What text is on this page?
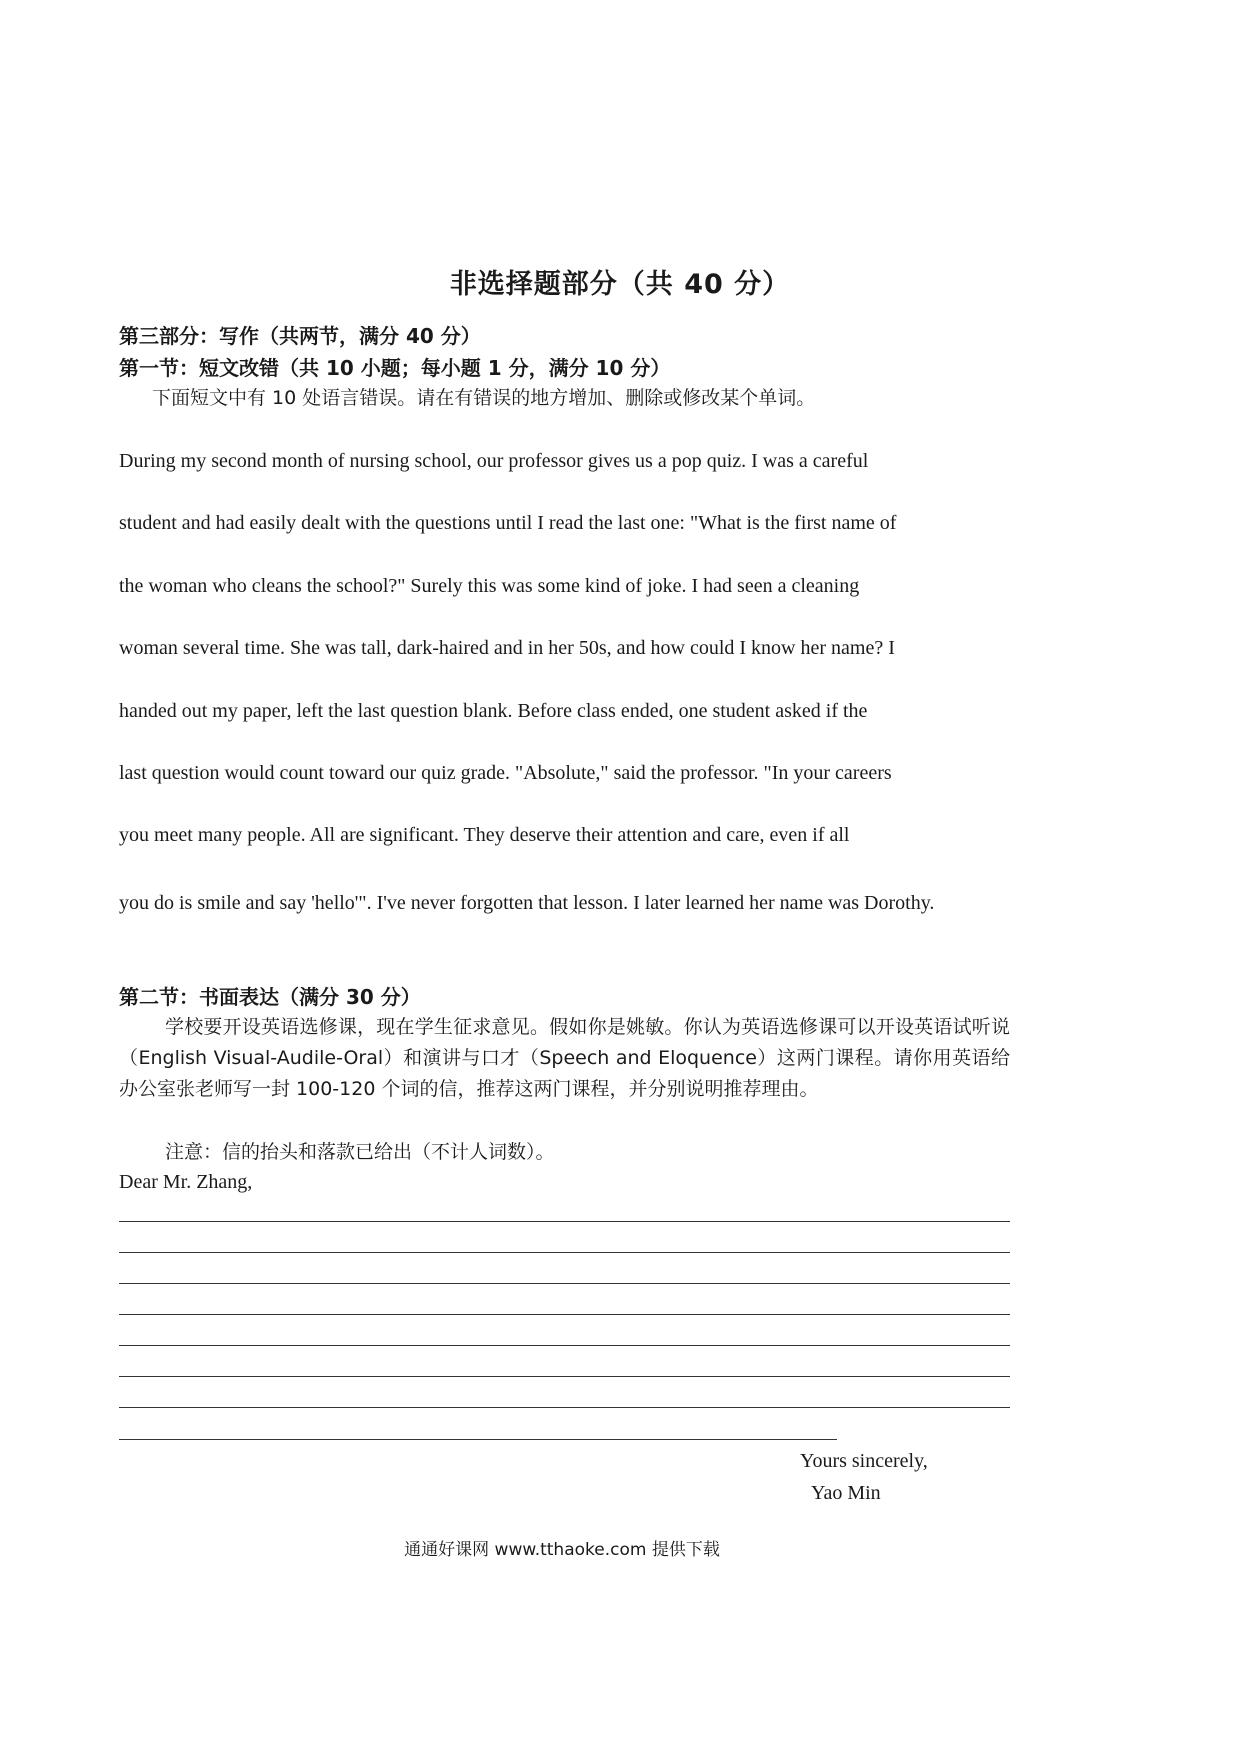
非选择题部分（共 40 分）
第三部分：写作（共两节，满分 40 分）
第一节：短文改错（共 10 小题；每小题 1 分，满分 10 分）
下面短文中有 10 处语言错误。请在有错误的地方增加、删除或修改某个单词。
During my second month of nursing school, our professor gives us a pop quiz. I was a careful
student and had easily dealt with the questions until I read the last one: "What is the first name of
the woman who cleans the school?" Surely this was some kind of joke. I had seen a cleaning
woman several time. She was tall, dark-haired and in her 50s, and how could I know her name? I
handed out my paper, left the last question blank. Before class ended, one student asked if the
last question would count toward our quiz grade. "Absolute," said the professor. "In your careers
you meet many people. All are significant. They deserve their attention and care, even if all
you do is smile and say 'hello'". I've never forgotten that lesson. I later learned her name was Dorothy.
第二节：书面表达（满分 30 分）
学校要开设英语选修课，现在学生征求意见。假如你是姚敏。你认为英语选修课可以开设英语试听说（English Visual-Audile-Oral）和演讲与口才（Speech and Eloquence）这两门课程。请你用英语给办公室张老师写一封 100-120 个词的信，推荐这两门课程，并分别说明推荐理由。
注意：信的抬头和落款已给出（不计人词数）。
Dear Mr. Zhang,
Yours sincerely,
Yao Min
通通好课网 www.tthaoke.com 提供下载
